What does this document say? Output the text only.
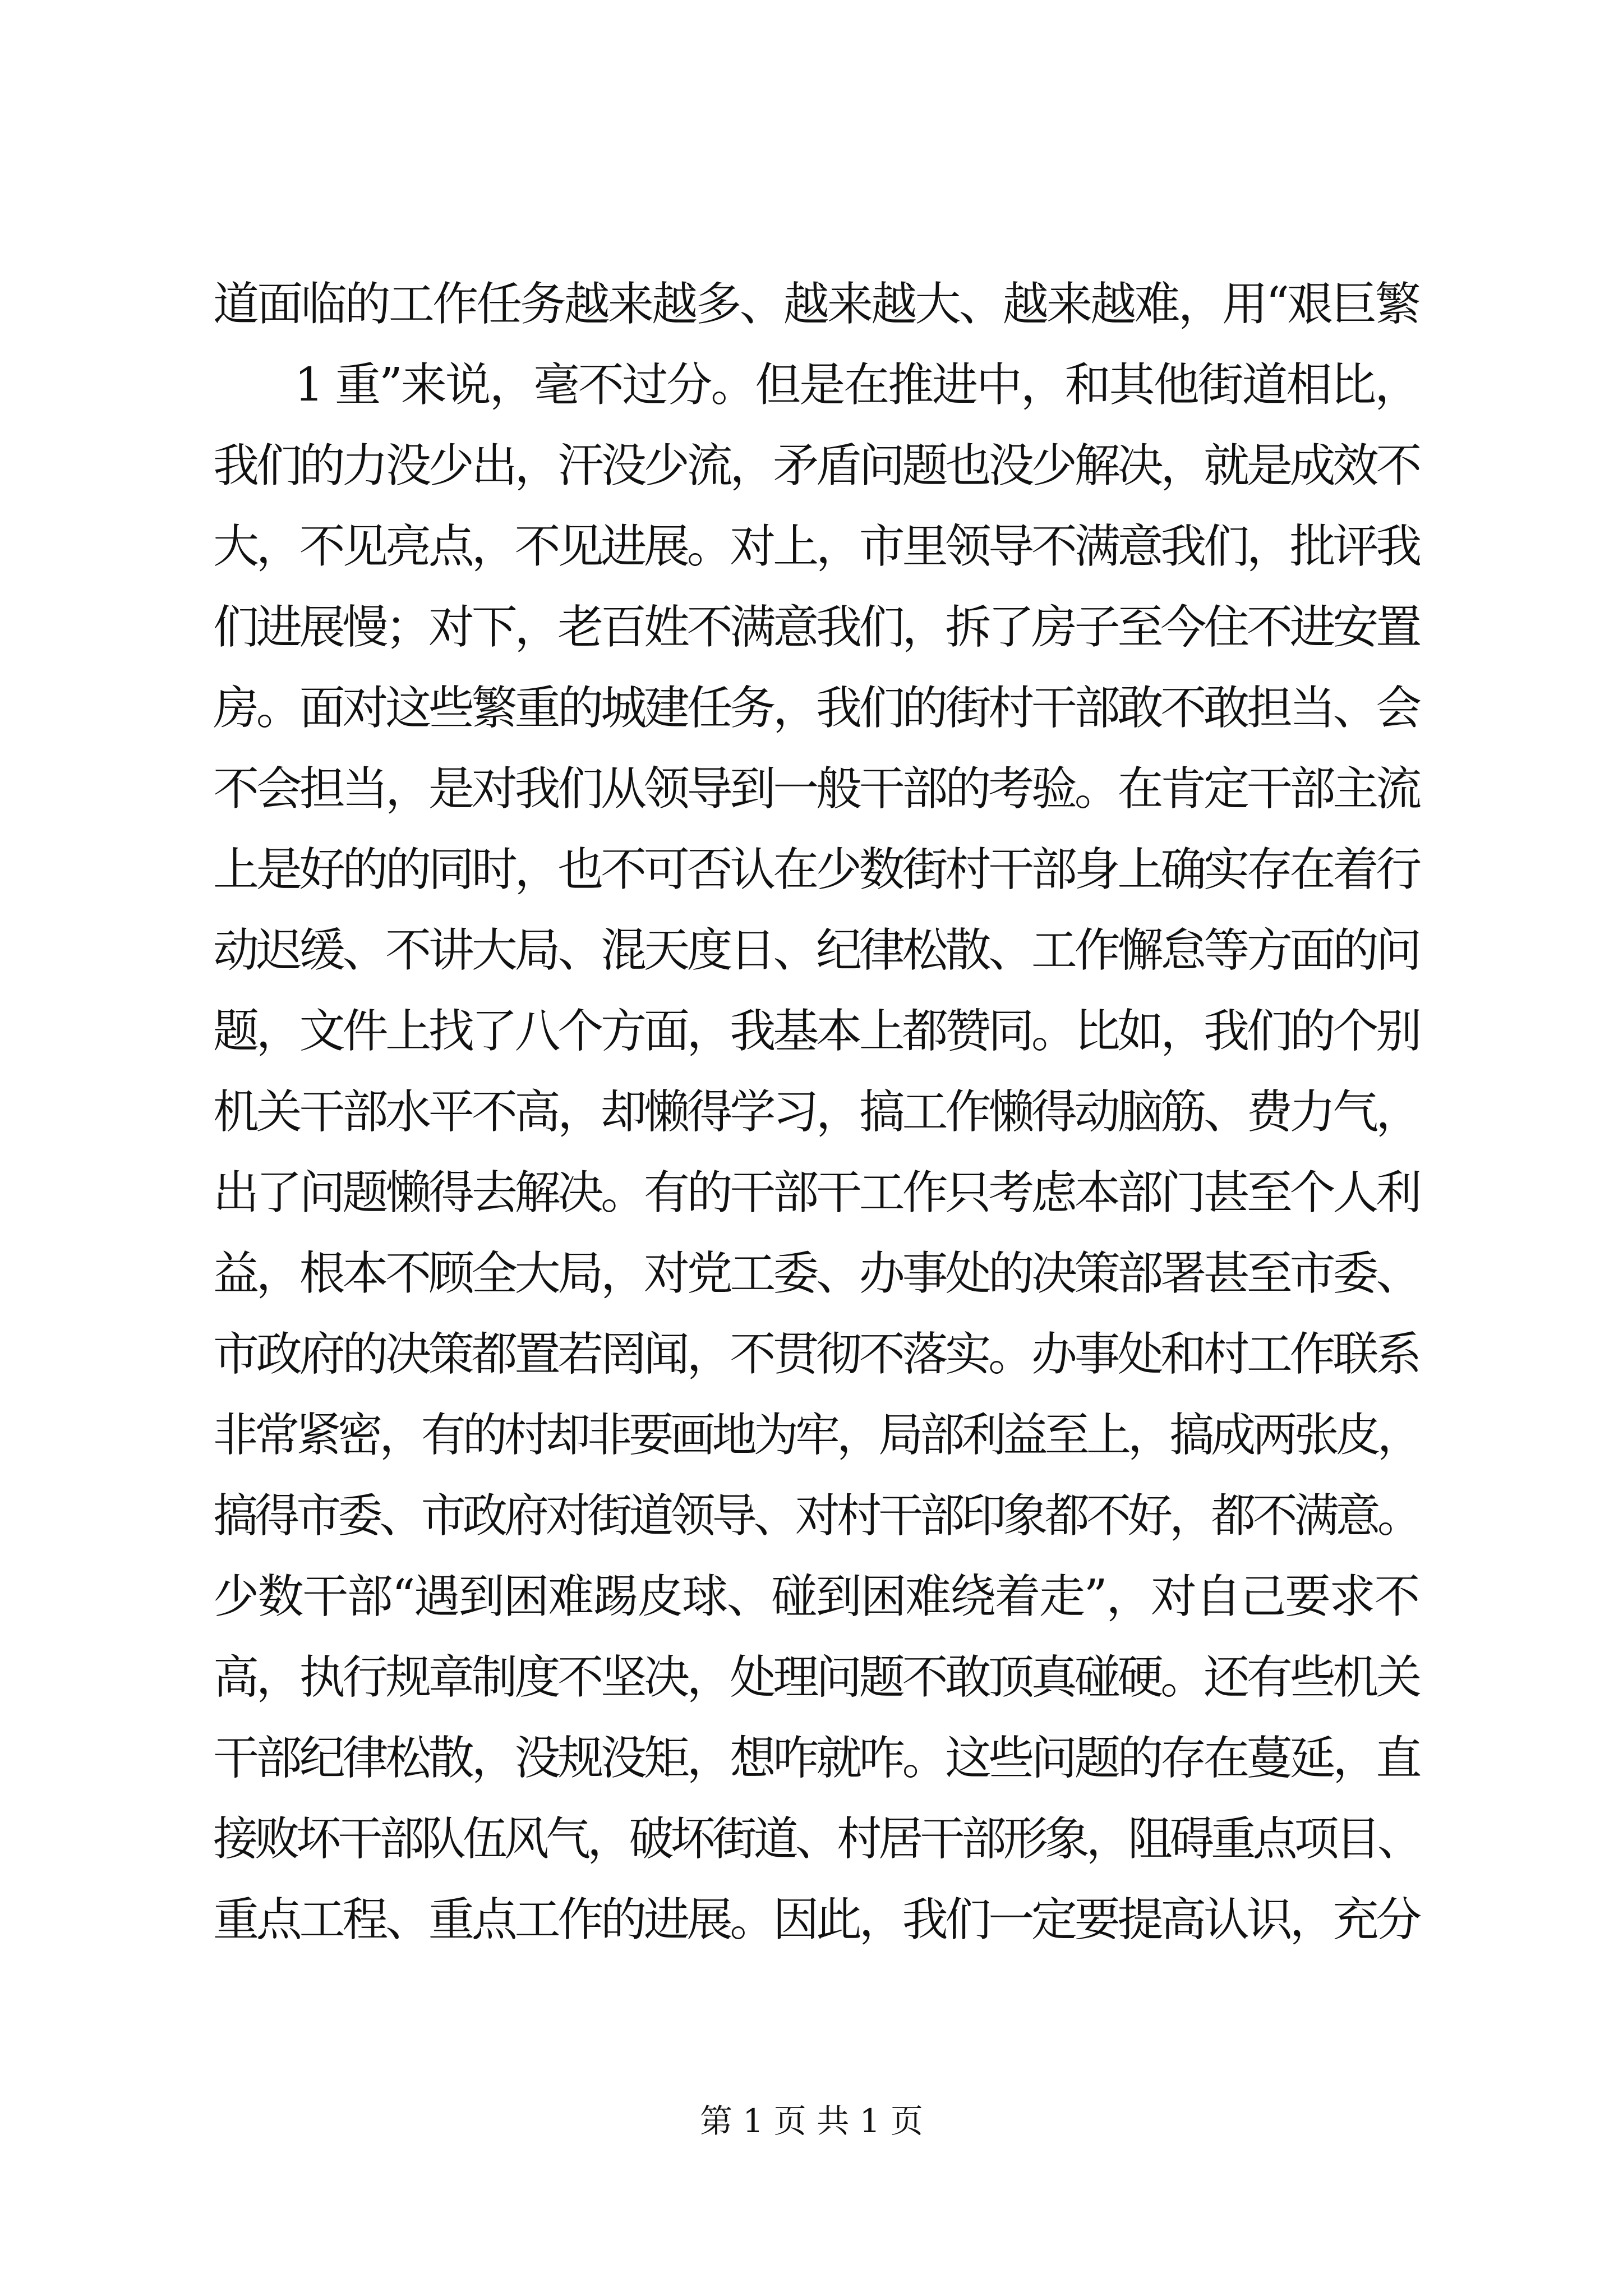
道面临的工作任务越来越多、越来越大、越来越难，用“艰巨繁
1 重”来说，毫不过分。但是在推进中，和其他街道相比，
我们的力没少出，汗没少流，矛盾问题也没少解决，就是成效不
大，不见亮点，不见进展。对上，市里领导不满意我们，批评我
们进展慢；对下，老百姓不满意我们，拆了房子至今住不进安置
房。面对这些繁重的城建任务，我们的街村干部敢不敢担当、会
不会担当，是对我们从领导到一般干部的考验。在肯定干部主流
上是好的的同时，也不可否认在少数街村干部身上确实存在着行
动迟缓、不讲大局、混天度日、纪律松散、工作懈怠等方面的问
题，文件上找了八个方面，我基本上都赞同。比如，我们的个别
机关干部水平不高，却懒得学习，搞工作懒得动脑筋、费力气，
出了问题懒得去解决。有的干部干工作只考虑本部门甚至个人利
益，根本不顾全大局，对党工委、办事处的决策部署甚至市委、
市政府的决策都置若罔闻，不贯彻不落实。办事处和村工作联系
非常紧密，有的村却非要画地为牢，局部利益至上，搞成两张皮，
搞得市委、市政府对街道领导、对村干部印象都不好，都不满意。
少数干部“遇到困难踢皮球、碰到困难绕着走”，对自己要求不
高，执行规章制度不坚决，处理问题不敢顶真碰硬。还有些机关
干部纪律松散，没规没矩，想咋就咋。这些问题的存在蔓延，直
接败坏干部队伍风气，破坏街道、村居干部形象，阻碍重点项目、
重点工程、重点工作的进展。因此，我们一定要提高认识，充分
第 1 页 共 1 页
